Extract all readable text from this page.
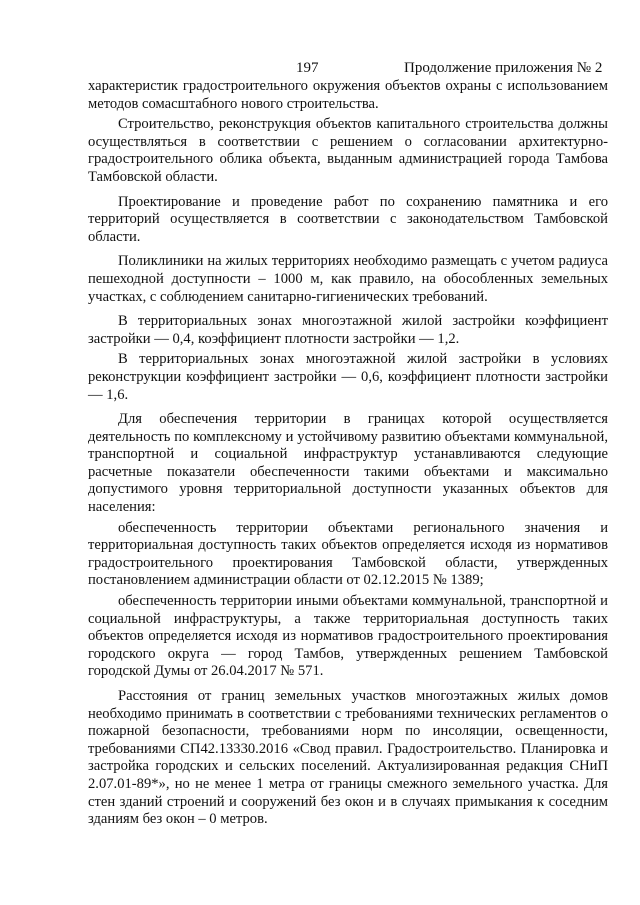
197	Продолжение приложения № 2

характеристик градостроительного окружения объектов охраны с использованием методов сомасштабного нового строительства.

Строительство, реконструкция объектов капитального строительства должны осуществляться в соответствии с решением о согласовании архитектурно-градостроительного облика объекта, выданным администрацией города Тамбова Тамбовской области.

Проектирование и проведение работ по сохранению памятника и его территорий осуществляется в соответствии с законодательством Тамбовской области.

Поликлиники на жилых территориях необходимо размещать с учетом радиуса пешеходной доступности – 1000 м, как правило, на обособленных земельных участках, с соблюдением санитарно-гигиенических требований.

В территориальных зонах многоэтажной жилой застройки коэффициент застройки — 0,4, коэффициент плотности застройки — 1,2.

В территориальных зонах многоэтажной жилой застройки в условиях реконструкции коэффициент застройки — 0,6, коэффициент плотности застройки — 1,6.

Для обеспечения территории в границах которой осуществляется деятельность по комплексному и устойчивому развитию объектами коммунальной, транспортной и социальной инфраструктур устанавливаются следующие расчетные показатели обеспеченности такими объектами и максимально допустимого уровня территориальной доступности указанных объектов для населения:

обеспеченность территории объектами регионального значения и территориальная доступность таких объектов определяется исходя из нормативов градостроительного проектирования Тамбовской области, утвержденных постановлением администрации области от 02.12.2015 № 1389;

обеспеченность территории иными объектами коммунальной, транспортной и социальной инфраструктуры, а также территориальная доступность таких объектов определяется исходя из нормативов градостроительного проектирования городского округа — город Тамбов, утвержденных решением Тамбовской городской Думы от 26.04.2017 № 571.

Расстояния от границ земельных участков многоэтажных жилых домов необходимо принимать в соответствии с требованиями технических регламентов о пожарной безопасности, требованиями норм по инсоляции, освещенности, требованиями СП42.13330.2016 «Свод правил. Градостроительство. Планировка и застройка городских и сельских поселений. Актуализированная редакция СНиП 2.07.01-89*», но не менее 1 метра от границы смежного земельного участка. Для стен зданий строений и сооружений без окон и в случаях примыкания к соседним зданиям без окон – 0 метров.
